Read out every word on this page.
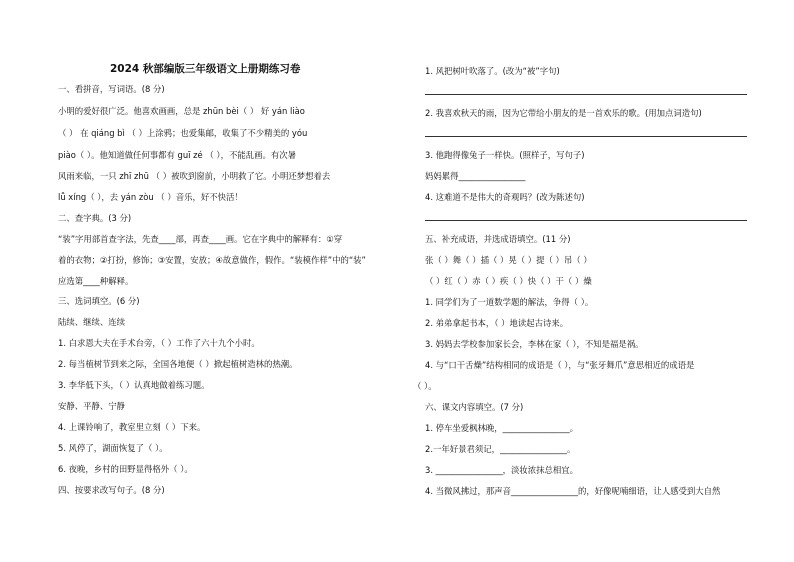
2024 秋部编版三年级语文上册期练习卷
一、看拼音，写词语。(8 分)
小明的爱好很广泛。他喜欢画画，总是 zhūn bèi（ ） 好 yán liào
（ ） 在 qiáng bì （ ）上涂鸦；也爱集邮，收集了不少精美的 yóu
piào（ ）。他知道做任何事都有 guī zé （ ），不能乱画。有次暑
风雨来临，一只 zhī zhū （ ）被吹到窗前，小明救了它。小明还梦想着去
lǚ xíng（ ），去 yán zòu （ ）音乐，好不快活！
二、查字典。(3 分)
“装”字用部首查字法，先查____部，再查____画。它在字典中的解释有：①穿
着的衣物；②打扮，修饰；③安置，安放；④故意做作，假作。“装模作样”中的“装”
应选第____种解释。
三、选词填空。(6 分)
陆续、继续、连续
1. 白求恩大夫在手术台旁，（ ）工作了六十九个小时。
2. 每当植树节到来之际，全国各地便（ ）掀起植树造林的热潮。
3. 李华低下头，（ ）认真地做着练习题。
安静、平静、宁静
4. 上课铃响了，教室里立刻（ ）下来。
5. 风停了，湖面恢复了（ ）。
6. 夜晚，乡村的田野显得格外（ ）。
四、按要求改写句子。(8 分)
1. 风把树叶吹落了。(改为“被”字句)
2. 我喜欢秋天的雨，因为它带给小朋友的是一首欢乐的歌。(用加点词造句)
3. 他跑得像兔子一样快。(照样子，写句子)
妈妈累得________________
4. 这难道不是伟大的奇观吗？(改为陈述句)
五、补充成语，并选成语填空。(11 分)
张（ ）舞（ ）插（ ）晃（ ）提（ ）吊（ ）
（ ）红（ ）赤（ ）疾（ ）快（ ）干（ ）燥
1. 同学们为了一道数学题的解法，争得（ ）。
2. 弟弟拿起书本，（ ）地读起古诗来。
3. 妈妈去学校参加家长会，李林在家（ ），不知是福是祸。
4. 与“口干舌燥”结构相同的成语是（ ），与“张牙舞爪”意思相近的成语是
（ ）。
六、课文内容填空。(7 分)
1. 停车坐爱枫林晚，________________。
2.一年好景君须记，________________。
3. ________________，淡妆浓抹总相宜。
4. 当微风拂过，那声音________________的，好像呢喃细语，让人感受到大自然
